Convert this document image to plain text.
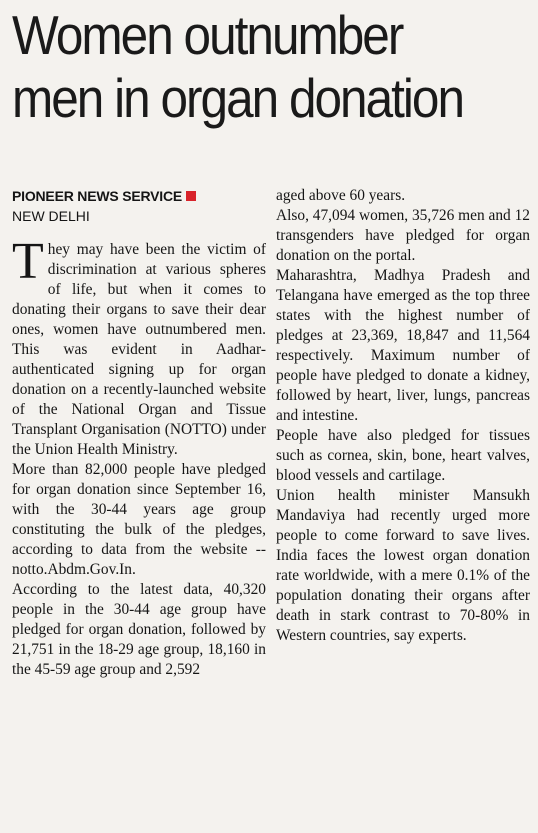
Women outnumber
men in organ donation
PIONEER NEWS SERVICE
NEW DELHI

They may have been the victim of discrimination at various spheres of life, but when it comes to donating their organs to save their dear ones, women have outnumbered men. This was evident in Aadhar-authenticated signing up for organ donation on a recently-launched website of the National Organ and Tissue Transplant Organisation (NOTTO) under the Union Health Ministry.

More than 82,000 people have pledged for organ donation since September 16, with the 30-44 years age group constituting the bulk of the pledges, according to data from the website -- notto.Abdm.Gov.In.

According to the latest data, 40,320 people in the 30-44 age group have pledged for organ donation, followed by 21,751 in the 18-29 age group, 18,160 in the 45-59 age group and 2,592

aged above 60 years.

Also, 47,094 women, 35,726 men and 12 transgenders have pledged for organ donation on the portal.

Maharashtra, Madhya Pradesh and Telangana have emerged as the top three states with the highest number of pledges at 23,369, 18,847 and 11,564 respectively. Maximum number of people have pledged to donate a kidney, followed by heart, liver, lungs, pancreas and intestine.

People have also pledged for tissues such as cornea, skin, bone, heart valves, blood vessels and cartilage.

Union health minister Mansukh Mandaviya had recently urged more people to come forward to save lives. India faces the lowest organ donation rate worldwide, with a mere 0.1% of the population donating their organs after death in stark contrast to 70-80% in Western countries, say experts.
